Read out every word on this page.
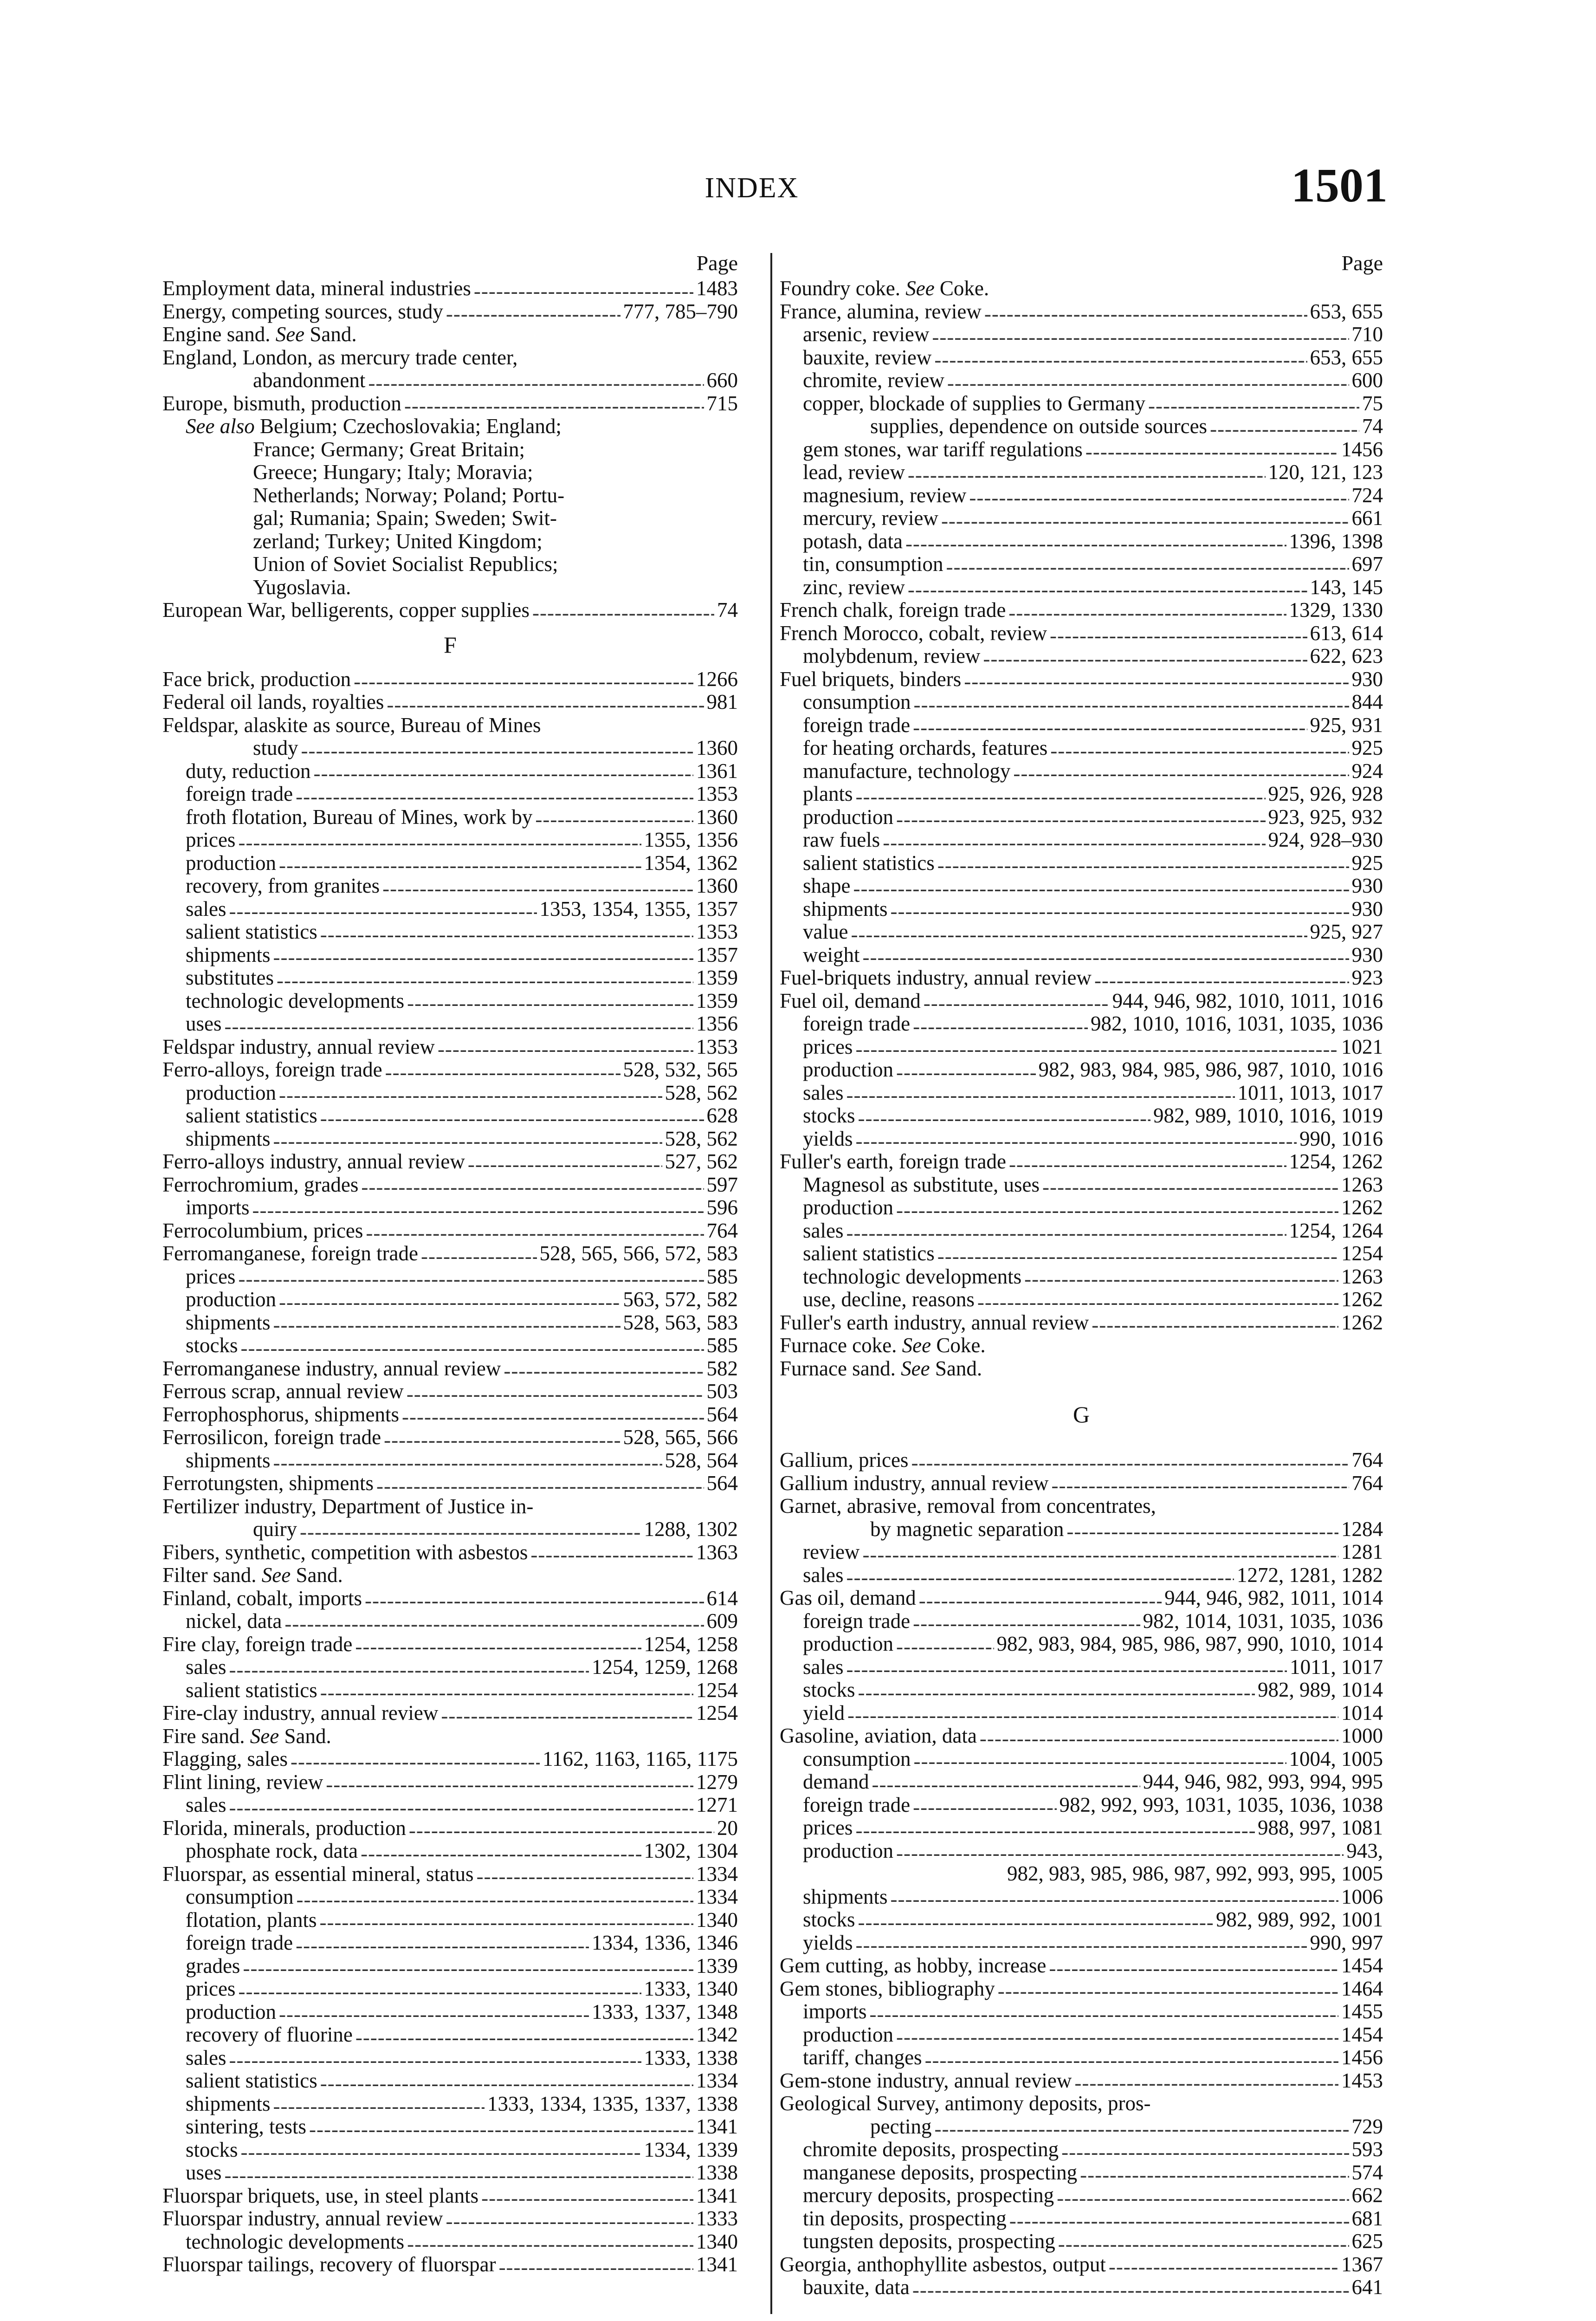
INDEX	1501
Page
Employment data, mineral industries -----	1483
Energy, competing sources, study -----	777, 785–790
Engine sand. See Sand.
England, London, as mercury trade center,
abandonment -----	660
Europe, bismuth, production -----	715
See also Belgium; Czechoslovakia; England;
France; Germany; Great Britain;
Greece; Hungary; Italy; Moravia;
Netherlands; Norway; Poland; Portu-
gal; Rumania; Spain; Sweden; Swit-
zerland; Turkey; United Kingdom;
Union of Soviet Socialist Republics;
Yugoslavia.
European War, belligerents, copper supplies -----	74
F
Face brick, production -----	1266
Federal oil lands, royalties -----	981
Feldspar, alaskite as source, Bureau of Mines
study -----	1360
duty, reduction -----	1361
foreign trade -----	1353
froth flotation, Bureau of Mines, work by -----	1360
prices -----	1355, 1356
production -----	1354, 1362
recovery, from granites -----	1360
sales -----	1353, 1354, 1355, 1357
salient statistics -----	1353
shipments -----	1357
substitutes -----	1359
technologic developments -----	1359
uses -----	1356
Feldspar industry, annual review -----	1353
Ferro-alloys, foreign trade -----	528, 532, 565
production -----	528, 562
salient statistics -----	628
shipments -----	528, 562
Ferro-alloys industry, annual review -----	527, 562
Ferrochromium, grades -----	597
imports -----	596
Ferrocolumbium, prices -----	764
Ferromanganese, foreign trade -----	528, 565, 566, 572, 583
prices -----	585
production -----	563, 572, 582
shipments -----	528, 563, 583
stocks -----	585
Ferromanganese industry, annual review -----	582
Ferrous scrap, annual review -----	503
Ferrophosphorus, shipments -----	564
Ferrosilicon, foreign trade -----	528, 565, 566
shipments -----	528, 564
Ferrotungsten, shipments -----	564
Fertilizer industry, Department of Justice in-
quiry -----	1288, 1302
Fibers, synthetic, competition with asbestos -----	1363
Filter sand. See Sand.
Finland, cobalt, imports -----	614
nickel, data -----	609
Fire clay, foreign trade -----	1254, 1258
sales -----	1254, 1259, 1268
salient statistics -----	1254
Fire-clay industry, annual review -----	1254
Fire sand. See Sand.
Flagging, sales -----	1162, 1163, 1165, 1175
Flint lining, review -----	1279
sales -----	1271
Florida, minerals, production -----	20
phosphate rock, data -----	1302, 1304
Fluorspar, as essential mineral, status -----	1334
consumption -----	1334
flotation, plants -----	1340
foreign trade -----	1334, 1336, 1346
grades -----	1339
prices -----	1333, 1340
production -----	1333, 1337, 1348
recovery of fluorine -----	1342
sales -----	1333, 1338
salient statistics -----	1334
shipments -----	1333, 1334, 1335, 1337, 1338
sintering, tests -----	1341
stocks -----	1334, 1339
uses -----	1338
Fluorspar briquets, use, in steel plants -----	1341
Fluorspar industry, annual review -----	1333
technologic developments -----	1340
Fluorspar tailings, recovery of fluorspar -----	1341
Page
Foundry coke. See Coke.
France, alumina, review -----	653, 655
arsenic, review -----	710
bauxite, review -----	653, 655
chromite, review -----	600
copper, blockade of supplies to Germany -----	75
supplies, dependence on outside sources -----	74
gem stones, war tariff regulations -----	1456
lead, review -----	120, 121, 123
magnesium, review -----	724
mercury, review -----	661
potash, data -----	1396, 1398
tin, consumption -----	697
zinc, review -----	143, 145
French chalk, foreign trade -----	1329, 1330
French Morocco, cobalt, review -----	613, 614
molybdenum, review -----	622, 623
Fuel briquets, binders -----	930
consumption -----	844
foreign trade -----	925, 931
for heating orchards, features -----	925
manufacture, technology -----	924
plants -----	925, 926, 928
production -----	923, 925, 932
raw fuels -----	924, 928–930
salient statistics -----	925
shape -----	930
shipments -----	930
value -----	925, 927
weight -----	930
Fuel-briquets industry, annual review -----	923
Fuel oil, demand -----	944, 946, 982, 1010, 1011, 1016
foreign trade -----	982, 1010, 1016, 1031, 1035, 1036
prices -----	1021
production -----	982, 983, 984, 985, 986, 987, 1010, 1016
sales -----	1011, 1013, 1017
stocks -----	982, 989, 1010, 1016, 1019
yields -----	990, 1016
Fuller's earth, foreign trade -----	1254, 1262
Magnesol as substitute, uses -----	1263
production -----	1262
sales -----	1254, 1264
salient statistics -----	1254
technologic developments -----	1263
use, decline, reasons -----	1262
Fuller's earth industry, annual review -----	1262
Furnace coke. See Coke.
Furnace sand. See Sand.
G
Gallium, prices -----	764
Gallium industry, annual review -----	764
Garnet, abrasive, removal from concentrates,
by magnetic separation -----	1284
review -----	1281
sales -----	1272, 1281, 1282
Gas oil, demand -----	944, 946, 982, 1011, 1014
foreign trade -----	982, 1014, 1031, 1035, 1036
production -----	982, 983, 984, 985, 986, 987, 990, 1010, 1014
sales -----	1011, 1017
stocks -----	982, 989, 1014
yield -----	1014
Gasoline, aviation, data -----	1000
consumption -----	1004, 1005
demand -----	944, 946, 982, 993, 994, 995
foreign trade -----	982, 992, 993, 1031, 1035, 1036, 1038
prices -----	988, 997, 1081
production -----	943,
982, 983, 985, 986, 987, 992, 993, 995, 1005
shipments -----	1006
stocks -----	982, 989, 992, 1001
yields -----	990, 997
Gem cutting, as hobby, increase -----	1454
Gem stones, bibliography -----	1464
imports -----	1455
production -----	1454
tariff, changes -----	1456
Gem-stone industry, annual review -----	1453
Geological Survey, antimony deposits, pros-
pecting -----	729
chromite deposits, prospecting -----	593
manganese deposits, prospecting -----	574
mercury deposits, prospecting -----	662
tin deposits, prospecting -----	681
tungsten deposits, prospecting -----	625
Georgia, anthophyllite asbestos, output -----	1367
bauxite, data -----	641
